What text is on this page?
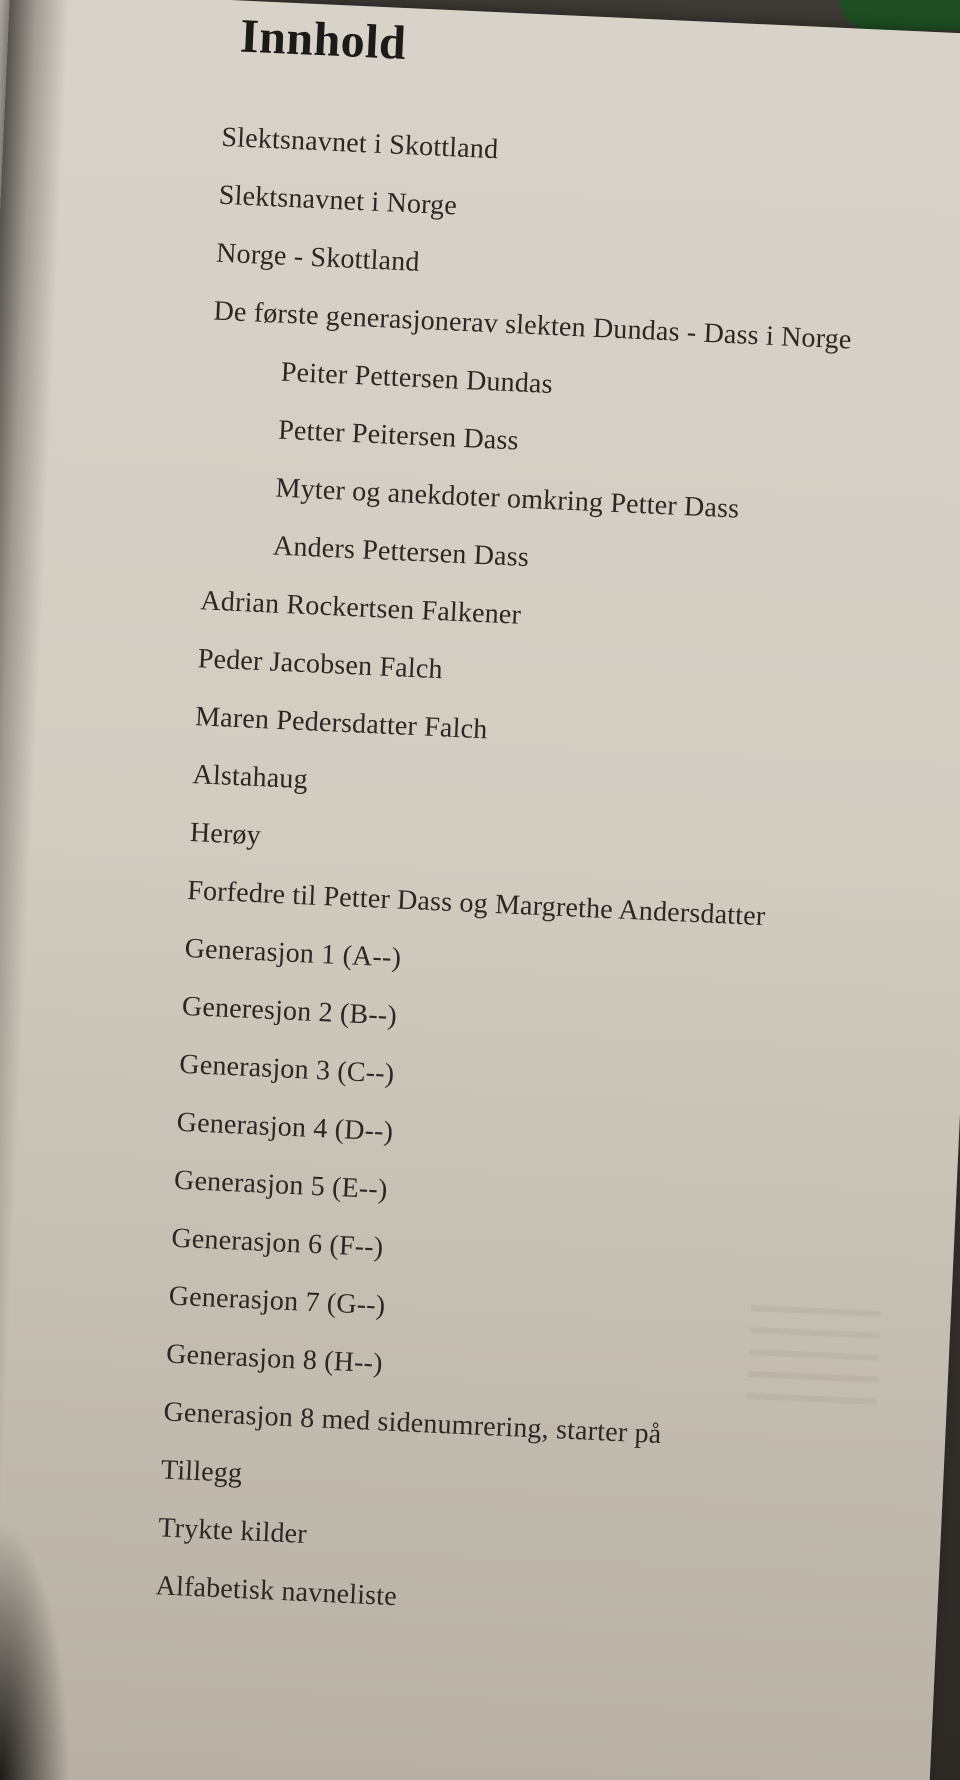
Innhold
Slektsnavnet i Skottland
Slektsnavnet i Norge
Norge - Skottland
De første generasjonerav slekten Dundas - Dass i Norge
Peiter Pettersen Dundas
Petter Peitersen Dass
Myter og anekdoter omkring Petter Dass
Anders Pettersen Dass
Adrian Rockertsen Falkener
Peder Jacobsen Falch
Maren Pedersdatter Falch
Alstahaug
Herøy
Forfedre til Petter Dass og Margrethe Andersdatter
Generasjon 1 (A--)
Generesjon 2 (B--)
Generasjon 3 (C--)
Generasjon 4 (D--)
Generasjon 5 (E--)
Generasjon 6 (F--)
Generasjon 7 (G--)
Generasjon 8 (H--)
Generasjon 8 med sidenumrering, starter på
Tillegg
Trykte kilder
Alfabetisk navneliste
